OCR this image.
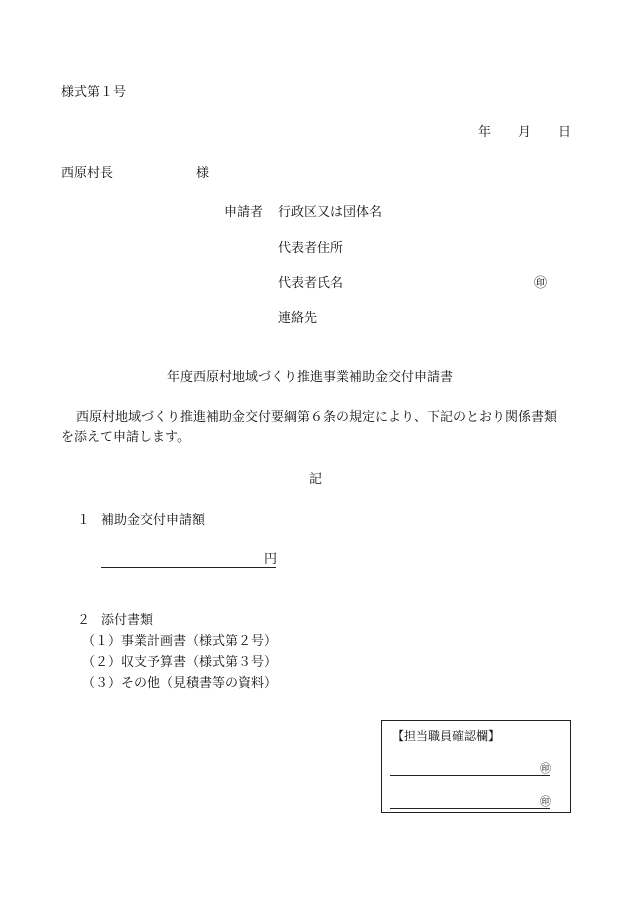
様式第１号
年 月 日
西原村長	様
申請者 行政区又は団体名
代表者住所
代表者氏名	㊞
連絡先
年度西原村地域づくり推進事業補助金交付申請書
西原村地域づくり推進補助金交付要綱第６条の規定により、下記のとおり関係書類
を添えて申請します。
記
１ 補助金交付申請額
円
２ 添付書類
（１）事業計画書（様式第２号）
（２）収支予算書（様式第３号）
（３）その他（見積書等の資料）
【担当職員確認欄】
㊞
㊞
